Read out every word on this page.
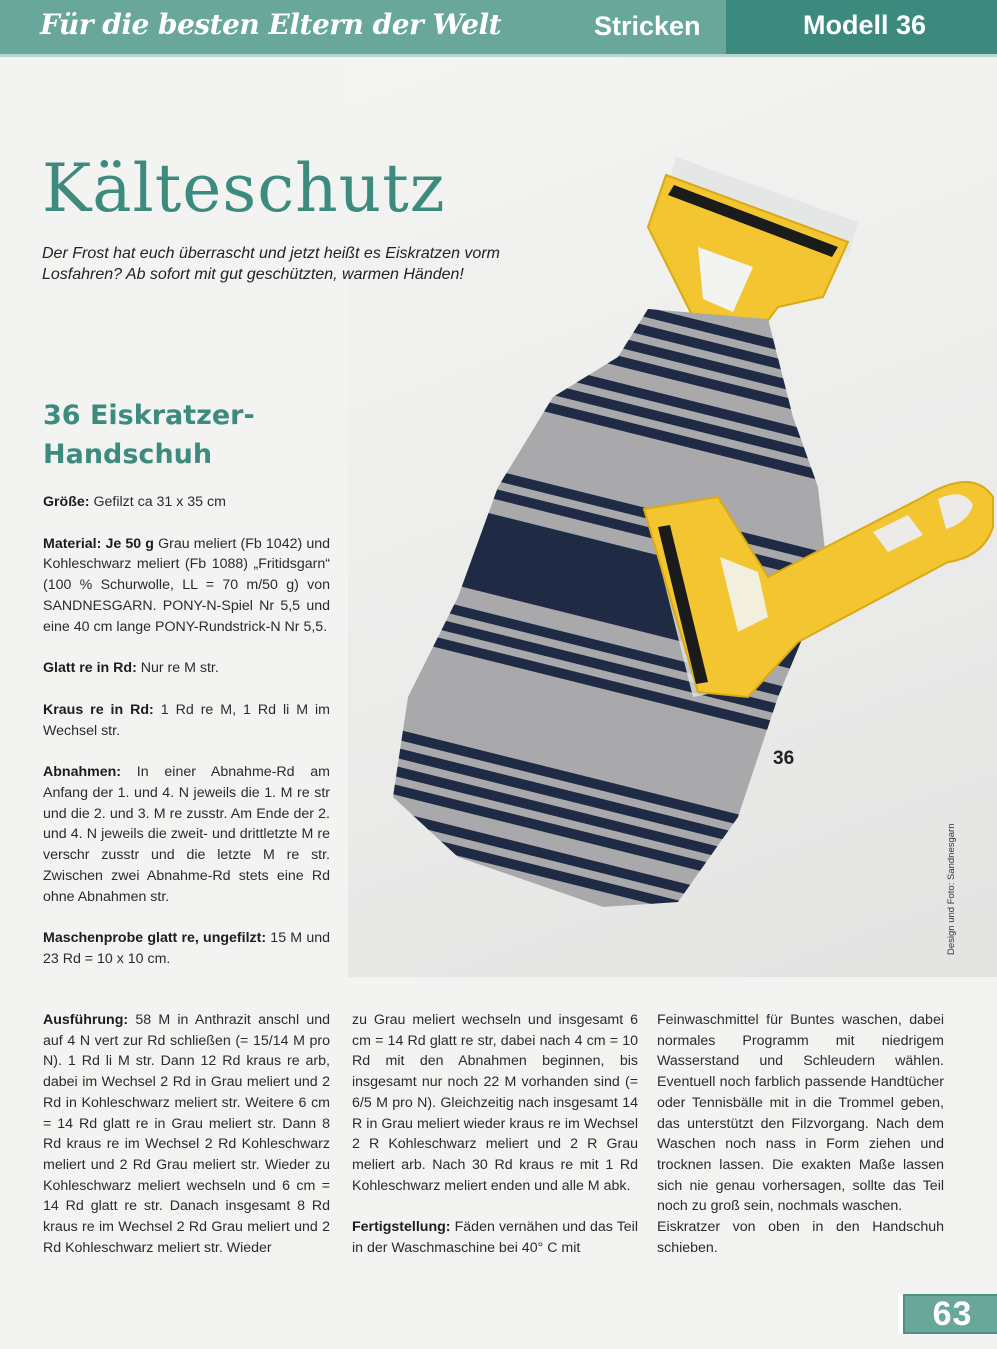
Für die besten Eltern der Welt	Stricken	Modell 36
36
Design und Foto: Sandnesgarn
Kälteschutz
Der Frost hat euch überrascht und jetzt heißt es Eiskratzen vorm
Losfahren? Ab sofort mit gut geschützten, warmen Händen!
36 Eiskratzer-
Handschuh

Größe: Gefilzt ca 31 x 35 cm

Material: Je 50 g Grau meliert (Fb 1042) und Kohleschwarz meliert (Fb 1088) „Fritidsgarn“ (100 % Schurwolle, LL = 70 m/50 g) von SANDNESGARN. PONY-N-Spiel Nr 5,5 und eine 40 cm lange PONY-Rundstrick-N Nr 5,5.

Glatt re in Rd: Nur re M str.

Kraus re in Rd: 1 Rd re M, 1 Rd li M im Wechsel str.

Abnahmen: In einer Abnahme-Rd am Anfang der 1. und 4. N jeweils die 1. M re str und die 2. und 3. M re zusstr. Am Ende der 2. und 4. N jeweils die zweit- und drittletzte M re verschr zusstr und die letzte M re str. Zwischen zwei Abnahme-Rd stets eine Rd ohne Abnahmen str.

Maschenprobe glatt re, ungefilzt: 15 M und 23 Rd = 10 x 10 cm.

Ausführung: 58 M in Anthrazit anschl und auf 4 N vert zur Rd schließen (= 15/14 M pro N). 1 Rd li M str. Dann 12 Rd kraus re arb, dabei im Wechsel 2 Rd in Grau meliert und 2 Rd in Kohleschwarz meliert str. Weitere 6 cm = 14 Rd glatt re in Grau meliert str. Dann 8 Rd kraus re im Wechsel 2 Rd Kohleschwarz meliert und 2 Rd Grau meliert str. Wieder zu Kohleschwarz meliert wechseln und 6 cm = 14 Rd glatt re str. Danach insgesamt 8 Rd kraus re im Wechsel 2 Rd Grau meliert und 2 Rd Kohleschwarz meliert str. Wieder

zu Grau meliert wechseln und insgesamt 6 cm = 14 Rd glatt re str, dabei nach 4 cm = 10 Rd mit den Abnahmen beginnen, bis insgesamt nur noch 22 M vorhanden sind (= 6/5 M pro N). Gleichzeitig nach insgesamt 14 R in Grau meliert wieder kraus re im Wechsel 2 R Kohleschwarz meliert und 2 R Grau meliert arb. Nach 30 Rd kraus re mit 1 Rd Kohleschwarz meliert enden und alle M abk.

Fertigstellung: Fäden vernähen und das Teil in der Waschmaschine bei 40° C mit

Feinwaschmittel für Buntes waschen, dabei normales Programm mit niedrigem Wasserstand und Schleudern wählen. Eventuell noch farblich passende Handtücher oder Tennisbälle mit in die Trommel geben, das unterstützt den Filzvorgang. Nach dem Waschen noch nass in Form ziehen und trocknen lassen. Die exakten Maße lassen sich nie genau vorhersagen, sollte das Teil noch zu groß sein, nochmals waschen.

Eiskratzer von oben in den Handschuh schieben.

63
